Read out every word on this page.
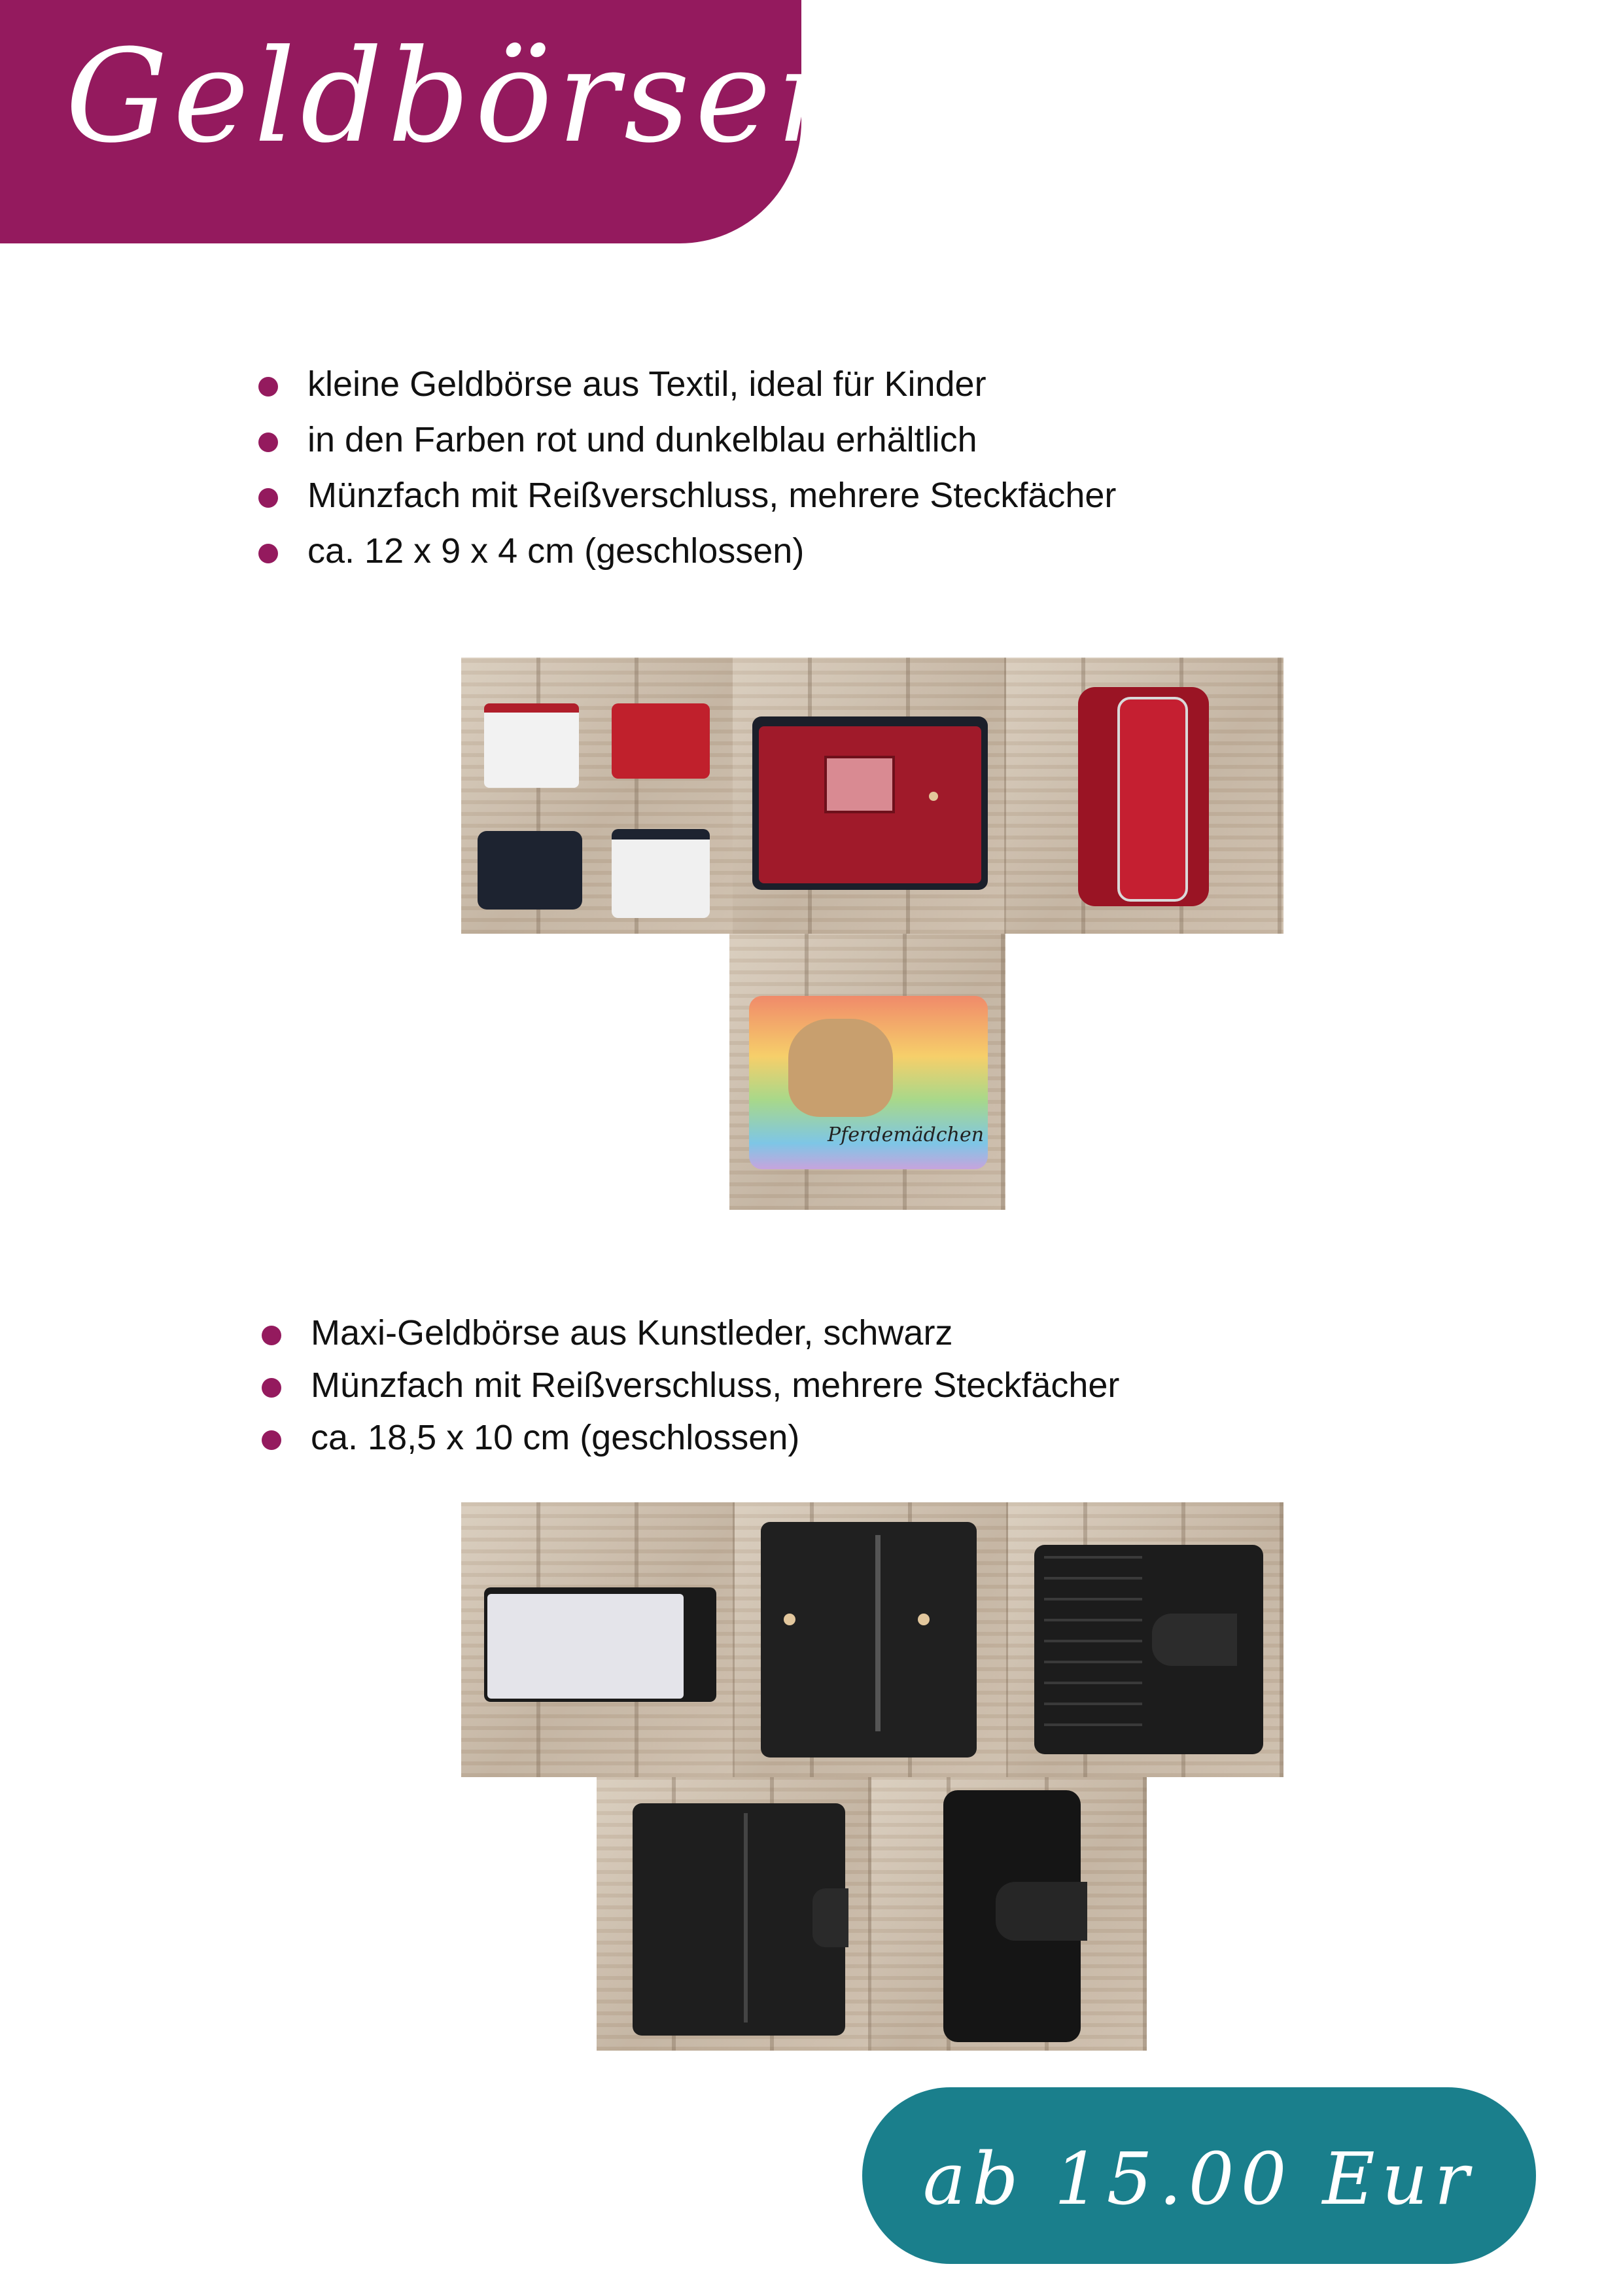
Geldbörsen
kleine Geldbörse aus Textil, ideal für Kinder
in den Farben rot und dunkelblau erhältlich
Münzfach mit Reißverschluss, mehrere Steckfächer
ca. 12 x 9 x 4 cm (geschlossen)
Pferdemädchen
Maxi-Geldbörse aus Kunstleder, schwarz
Münzfach mit Reißverschluss, mehrere Steckfächer
ca. 18,5 x 10 cm (geschlossen)
ab 15.00 Eur
